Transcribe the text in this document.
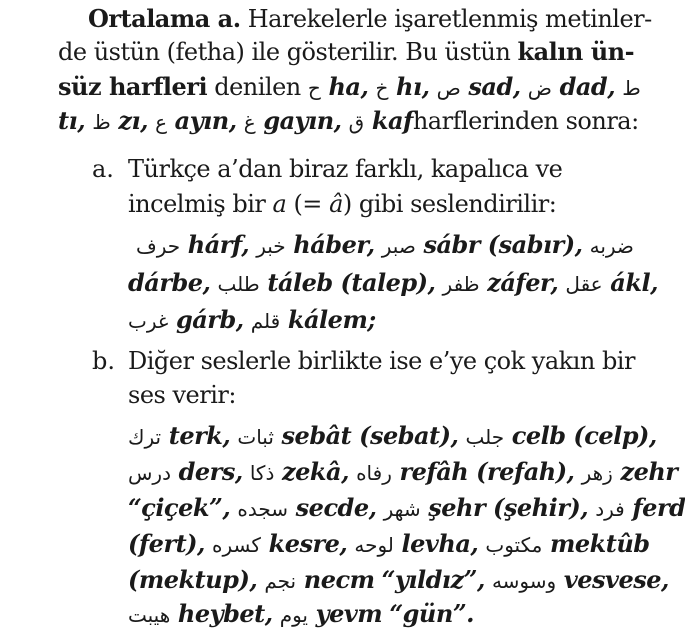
Ortalama a. Harekelerle işaretlenmiş metinler-
de üstün (fetha) ile gösterilir. Bu üstün kalın ün-
süz harfleri denilen ح ha, خ hı, ص sad, ض dad, ط
tı, ظ zı, ع ayın, غ gayın, ق kafharflerinden sonra:
a. Türkçe a’dan biraz farklı, kapalıca ve
incelmiş bir a (= â) gibi seslendirilir:
حرف hárf, خبر háber, صبر sábr (sabır), ضربه
dárbe, طلب táleb (talep), ظفر záfer, عقل ákl,
غرب gárb, قلم kálem;
b. Diğer seslerle birlikte ise e’ye çok yakın bir
ses verir:
ترك terk, ثبات sebât (sebat), جلب celb (celp),
درس ders, ذكا zekâ, رفاه refâh (refah), زهر zehr
“çiçek”, سجده secde, شهر şehr (şehir), فرد ferd
(fert), كسره kesre, لوحه levha, مكتوب mektûb
(mektup), نجم necm “yıldız”, وسوسه vesvese,
هيبت heybet, يوم yevm “gün”.
